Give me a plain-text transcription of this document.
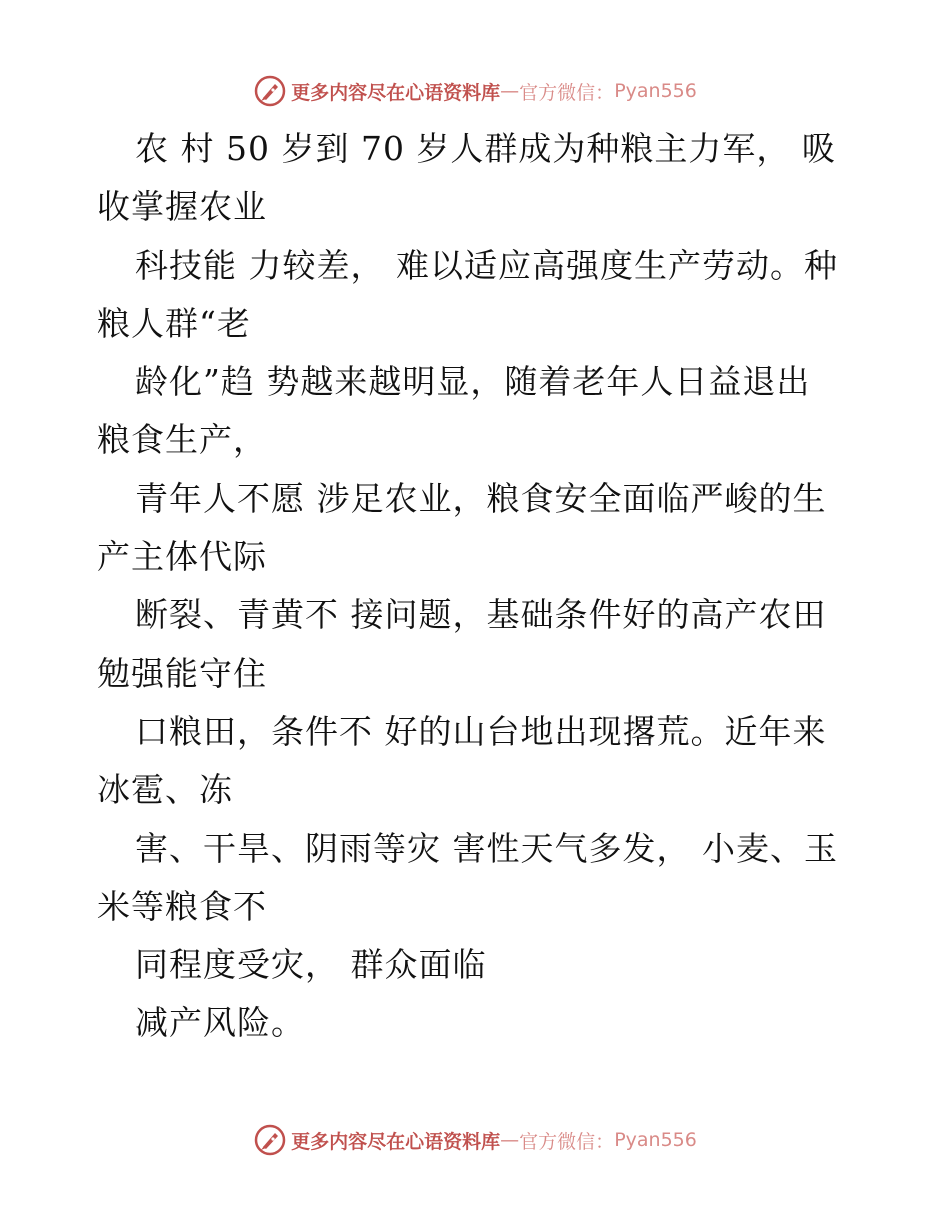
更多内容尽在心语资料库 — 官方微信： Pyan556
农 村 50 岁到 70 岁人群成为种粮主力军， 吸
收掌握农业
科技能 力较差， 难以适应高强度生产劳动。种
粮人群“老
龄化”趋 势越来越明显，随着老年人日益退出
粮食生产，
青年人不愿 涉足农业，粮食安全面临严峻的生
产主体代际
断裂、青黄不 接问题，基础条件好的高产农田
勉强能守住
口粮田，条件不 好的山台地出现撂荒。近年来
冰雹、冻
害、干旱、阴雨等灾 害性天气多发， 小麦、玉
米等粮食不
同程度受灾， 群众面临
减产风险。
更多内容尽在心语资料库 — 官方微信： Pyan556
